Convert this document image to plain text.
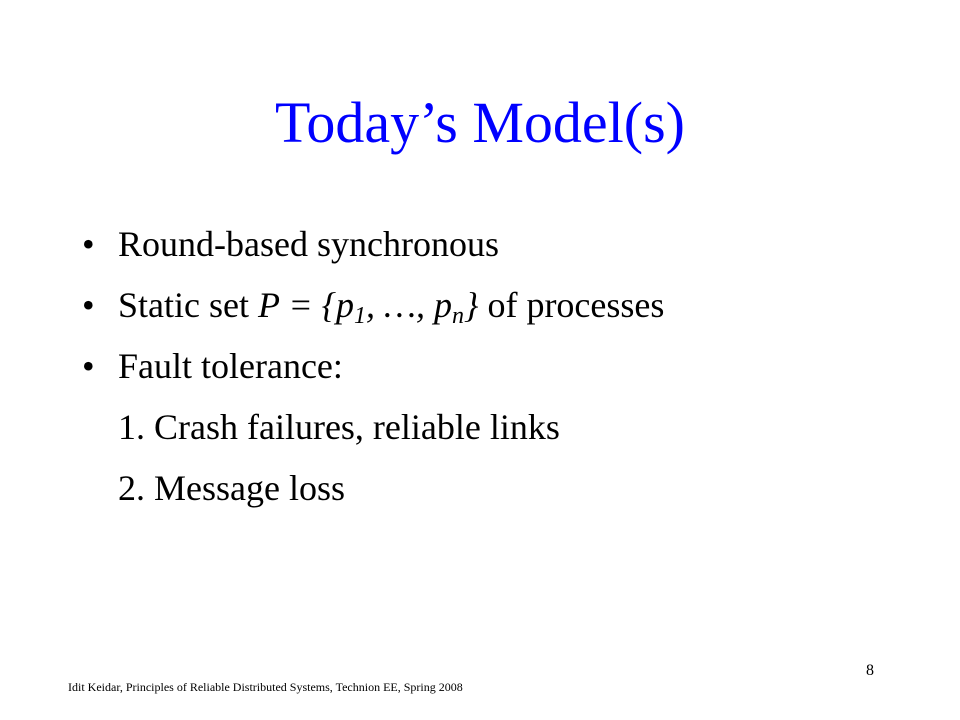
Today’s Model(s)
• Round-based synchronous
• Static set $P = \{p_1$, …, $p_n$} of processes
• Fault tolerance:
1. Crash failures, reliable links
2. Message loss
8
Idit Keidar, Principles of Reliable Distributed Systems, Technion EE, Spring 2008
